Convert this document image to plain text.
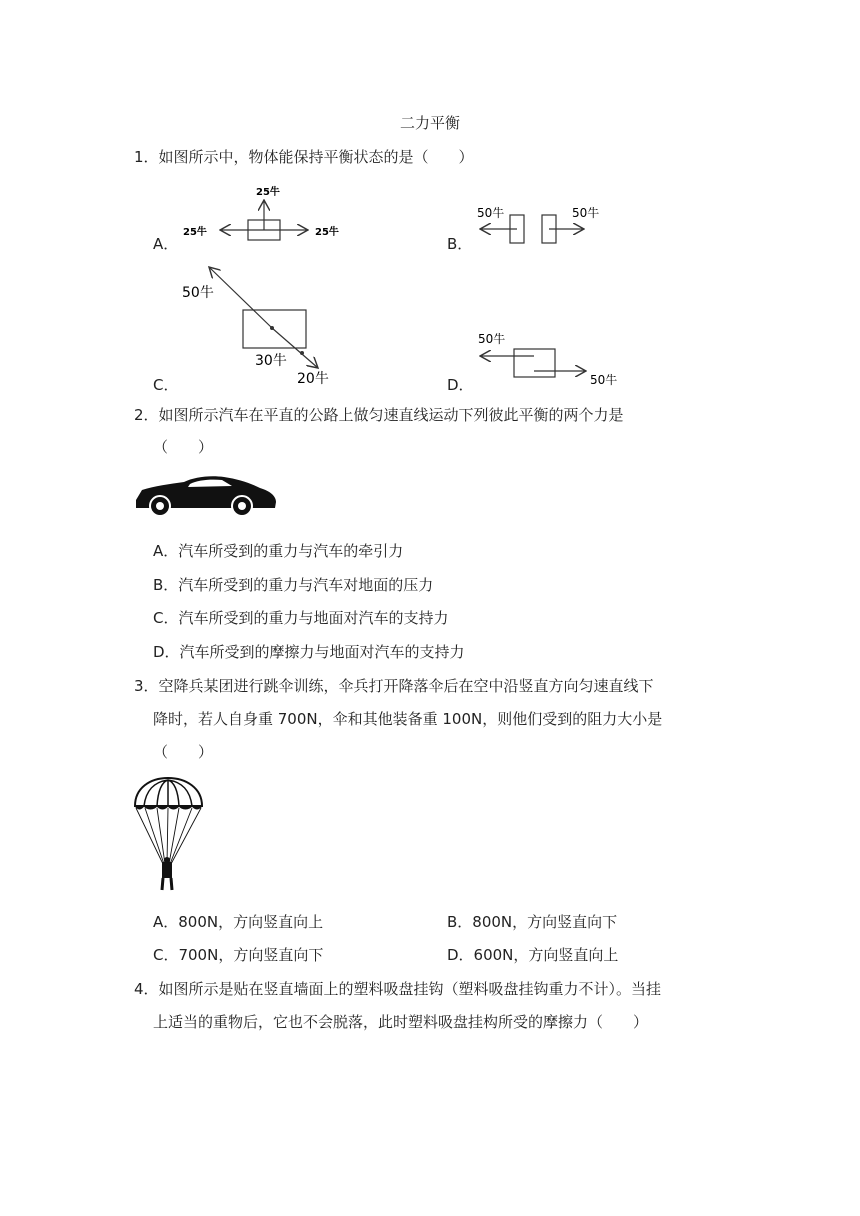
二力平衡
1．如图所示中，物体能保持平衡状态的是（　　）
A．
25牛
25牛	25牛
B．
50牛	50牛
C．
50牛
30牛
20牛	D．
50牛
50牛
2．如图所示汽车在平直的公路上做匀速直线运动下列彼此平衡的两个力是
（　　）
A．汽车所受到的重力与汽车的牵引力
B．汽车所受到的重力与汽车对地面的压力
C．汽车所受到的重力与地面对汽车的支持力
D．汽车所受到的摩擦力与地面对汽车的支持力
3．空降兵某团进行跳伞训练，伞兵打开降落伞后在空中沿竖直方向匀速直线下
降时，若人自身重 700N，伞和其他装备重 100N，则他们受到的阻力大小是
（　　）
A．800N，方向竖直向上	B．800N，方向竖直向下
C．700N，方向竖直向下	D．600N，方向竖直向上
4．如图所示是贴在竖直墙面上的塑料吸盘挂钩（塑料吸盘挂钩重力不计）。当挂
上适当的重物后，它也不会脱落，此时塑料吸盘挂构所受的摩擦力（　　）
